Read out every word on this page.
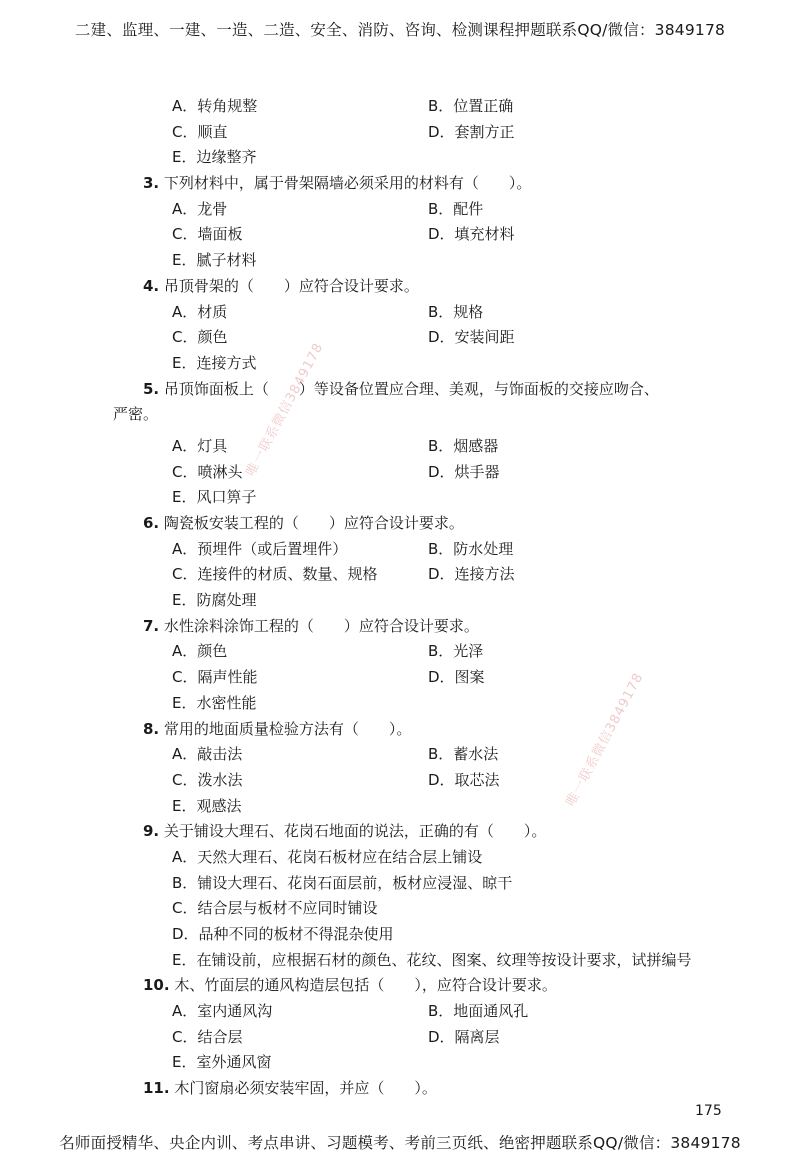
二建、监理、一建、一造、二造、安全、消防、咨询、检测课程押题联系QQ/微信：3849178
A．转角规整	B．位置正确
C．顺直	D．套割方正
E．边缘整齐
3. 下列材料中，属于骨架隔墙必须采用的材料有（　　）。
A．龙骨	B．配件
C．墙面板	D．填充材料
E．腻子材料
4. 吊顶骨架的（　　）应符合设计要求。
A．材质	B．规格
C．颜色	D．安装间距
E．连接方式
5. 吊顶饰面板上（　　）等设备位置应合理、美观，与饰面板的交接应吻合、
严密。
A．灯具	B．烟感器
C．喷淋头	D．烘手器
E．风口箅子
6. 陶瓷板安装工程的（　　）应符合设计要求。
A．预埋件（或后置埋件）	B．防水处理
C．连接件的材质、数量、规格	D．连接方法
E．防腐处理
7. 水性涂料涂饰工程的（　　）应符合设计要求。
A．颜色	B．光泽
C．隔声性能	D．图案
E．水密性能
8. 常用的地面质量检验方法有（　　）。
A．敲击法	B．蓄水法
C．泼水法	D．取芯法
E．观感法
9. 关于铺设大理石、花岗石地面的说法，正确的有（　　）。
A．天然大理石、花岗石板材应在结合层上铺设
B．铺设大理石、花岗石面层前，板材应浸湿、晾干
C．结合层与板材不应同时铺设
D．品种不同的板材不得混杂使用
E．在铺设前，应根据石材的颜色、花纹、图案、纹理等按设计要求，试拼编号
10. 木、竹面层的通风构造层包括（　　），应符合设计要求。
A．室内通风沟	B．地面通风孔
C．结合层	D．隔离层
E．室外通风窗
11. 木门窗扇必须安装牢固，并应（　　）。
唯一联系微信3849178
唯一联系微信3849178
175
名师面授精华、央企内训、考点串讲、习题模考、考前三页纸、绝密押题联系QQ/微信：3849178
